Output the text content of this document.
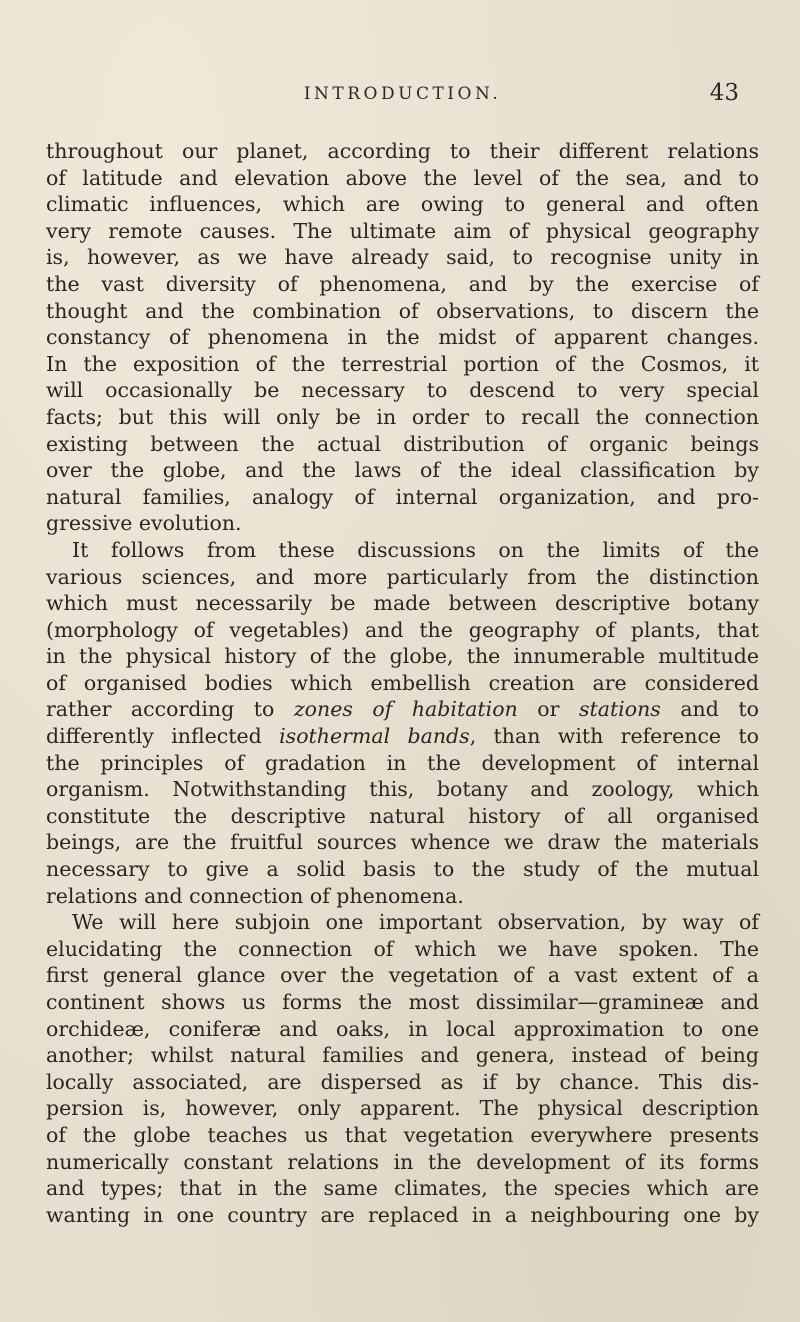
INTRODUCTION.	43
throughout our planet, according to their different relations
of latitude and elevation above the level of the sea, and to
climatic influences, which are owing to general and often
very remote causes. The ultimate aim of physical geography
is, however, as we have already said, to recognise unity in
the vast diversity of phenomena, and by the exercise of
thought and the combination of observations, to discern the
constancy of phenomena in the midst of apparent changes.
In the exposition of the terrestrial portion of the Cosmos, it
will occasionally be necessary to descend to very special
facts; but this will only be in order to recall the connection
existing between the actual distribution of organic beings
over the globe, and the laws of the ideal classification by
natural families, analogy of internal organization, and pro-
gressive evolution.
It follows from these discussions on the limits of the
various sciences, and more particularly from the distinction
which must necessarily be made between descriptive botany
(morphology of vegetables) and the geography of plants, that
in the physical history of the globe, the innumerable multitude
of organised bodies which embellish creation are considered
rather according to zones of habitation or stations and to
differently inflected isothermal bands, than with reference to
the principles of gradation in the development of internal
organism. Notwithstanding this, botany and zoology, which
constitute the descriptive natural history of all organised
beings, are the fruitful sources whence we draw the materials
necessary to give a solid basis to the study of the mutual
relations and connection of phenomena.
We will here subjoin one important observation, by way of
elucidating the connection of which we have spoken. The
first general glance over the vegetation of a vast extent of a
continent shows us forms the most dissimilar—gramineæ and
orchideæ, coniferæ and oaks, in local approximation to one
another; whilst natural families and genera, instead of being
locally associated, are dispersed as if by chance. This dis-
persion is, however, only apparent. The physical description
of the globe teaches us that vegetation everywhere presents
numerically constant relations in the development of its forms
and types; that in the same climates, the species which are
wanting in one country are replaced in a neighbouring one by
